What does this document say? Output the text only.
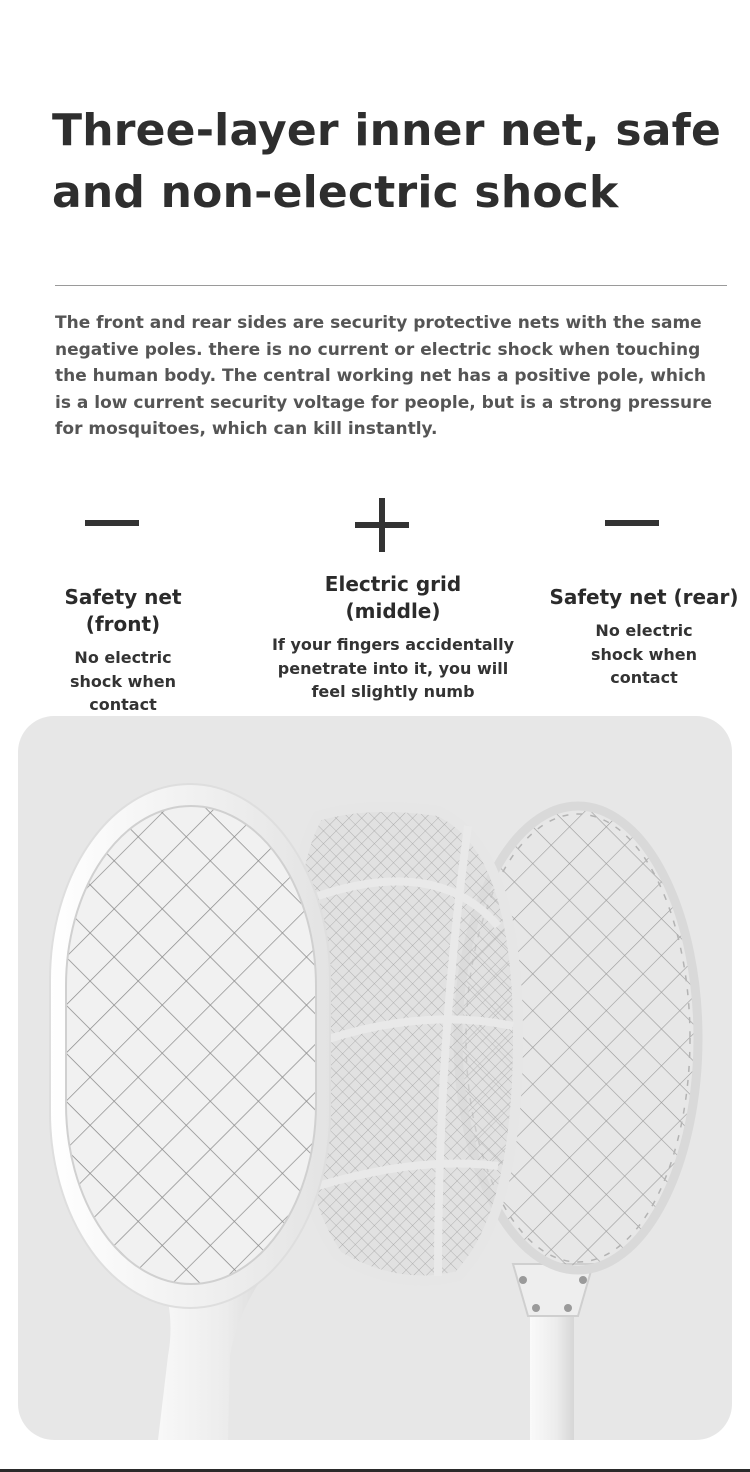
Three-layer inner net, safe and non-electric shock

The front and rear sides are security protective nets with the same negative poles. there is no current or electric shock when touching the human body. The central working net has a positive pole, which is a low current security voltage for people, but is a strong pressure for mosquitoes, which can kill instantly.

Safety net (front)

No electric shock when contact

Electric grid (middle)

If your fingers accidentally penetrate into it, you will feel slightly numb

Safety net (rear)

No electric shock when contact
